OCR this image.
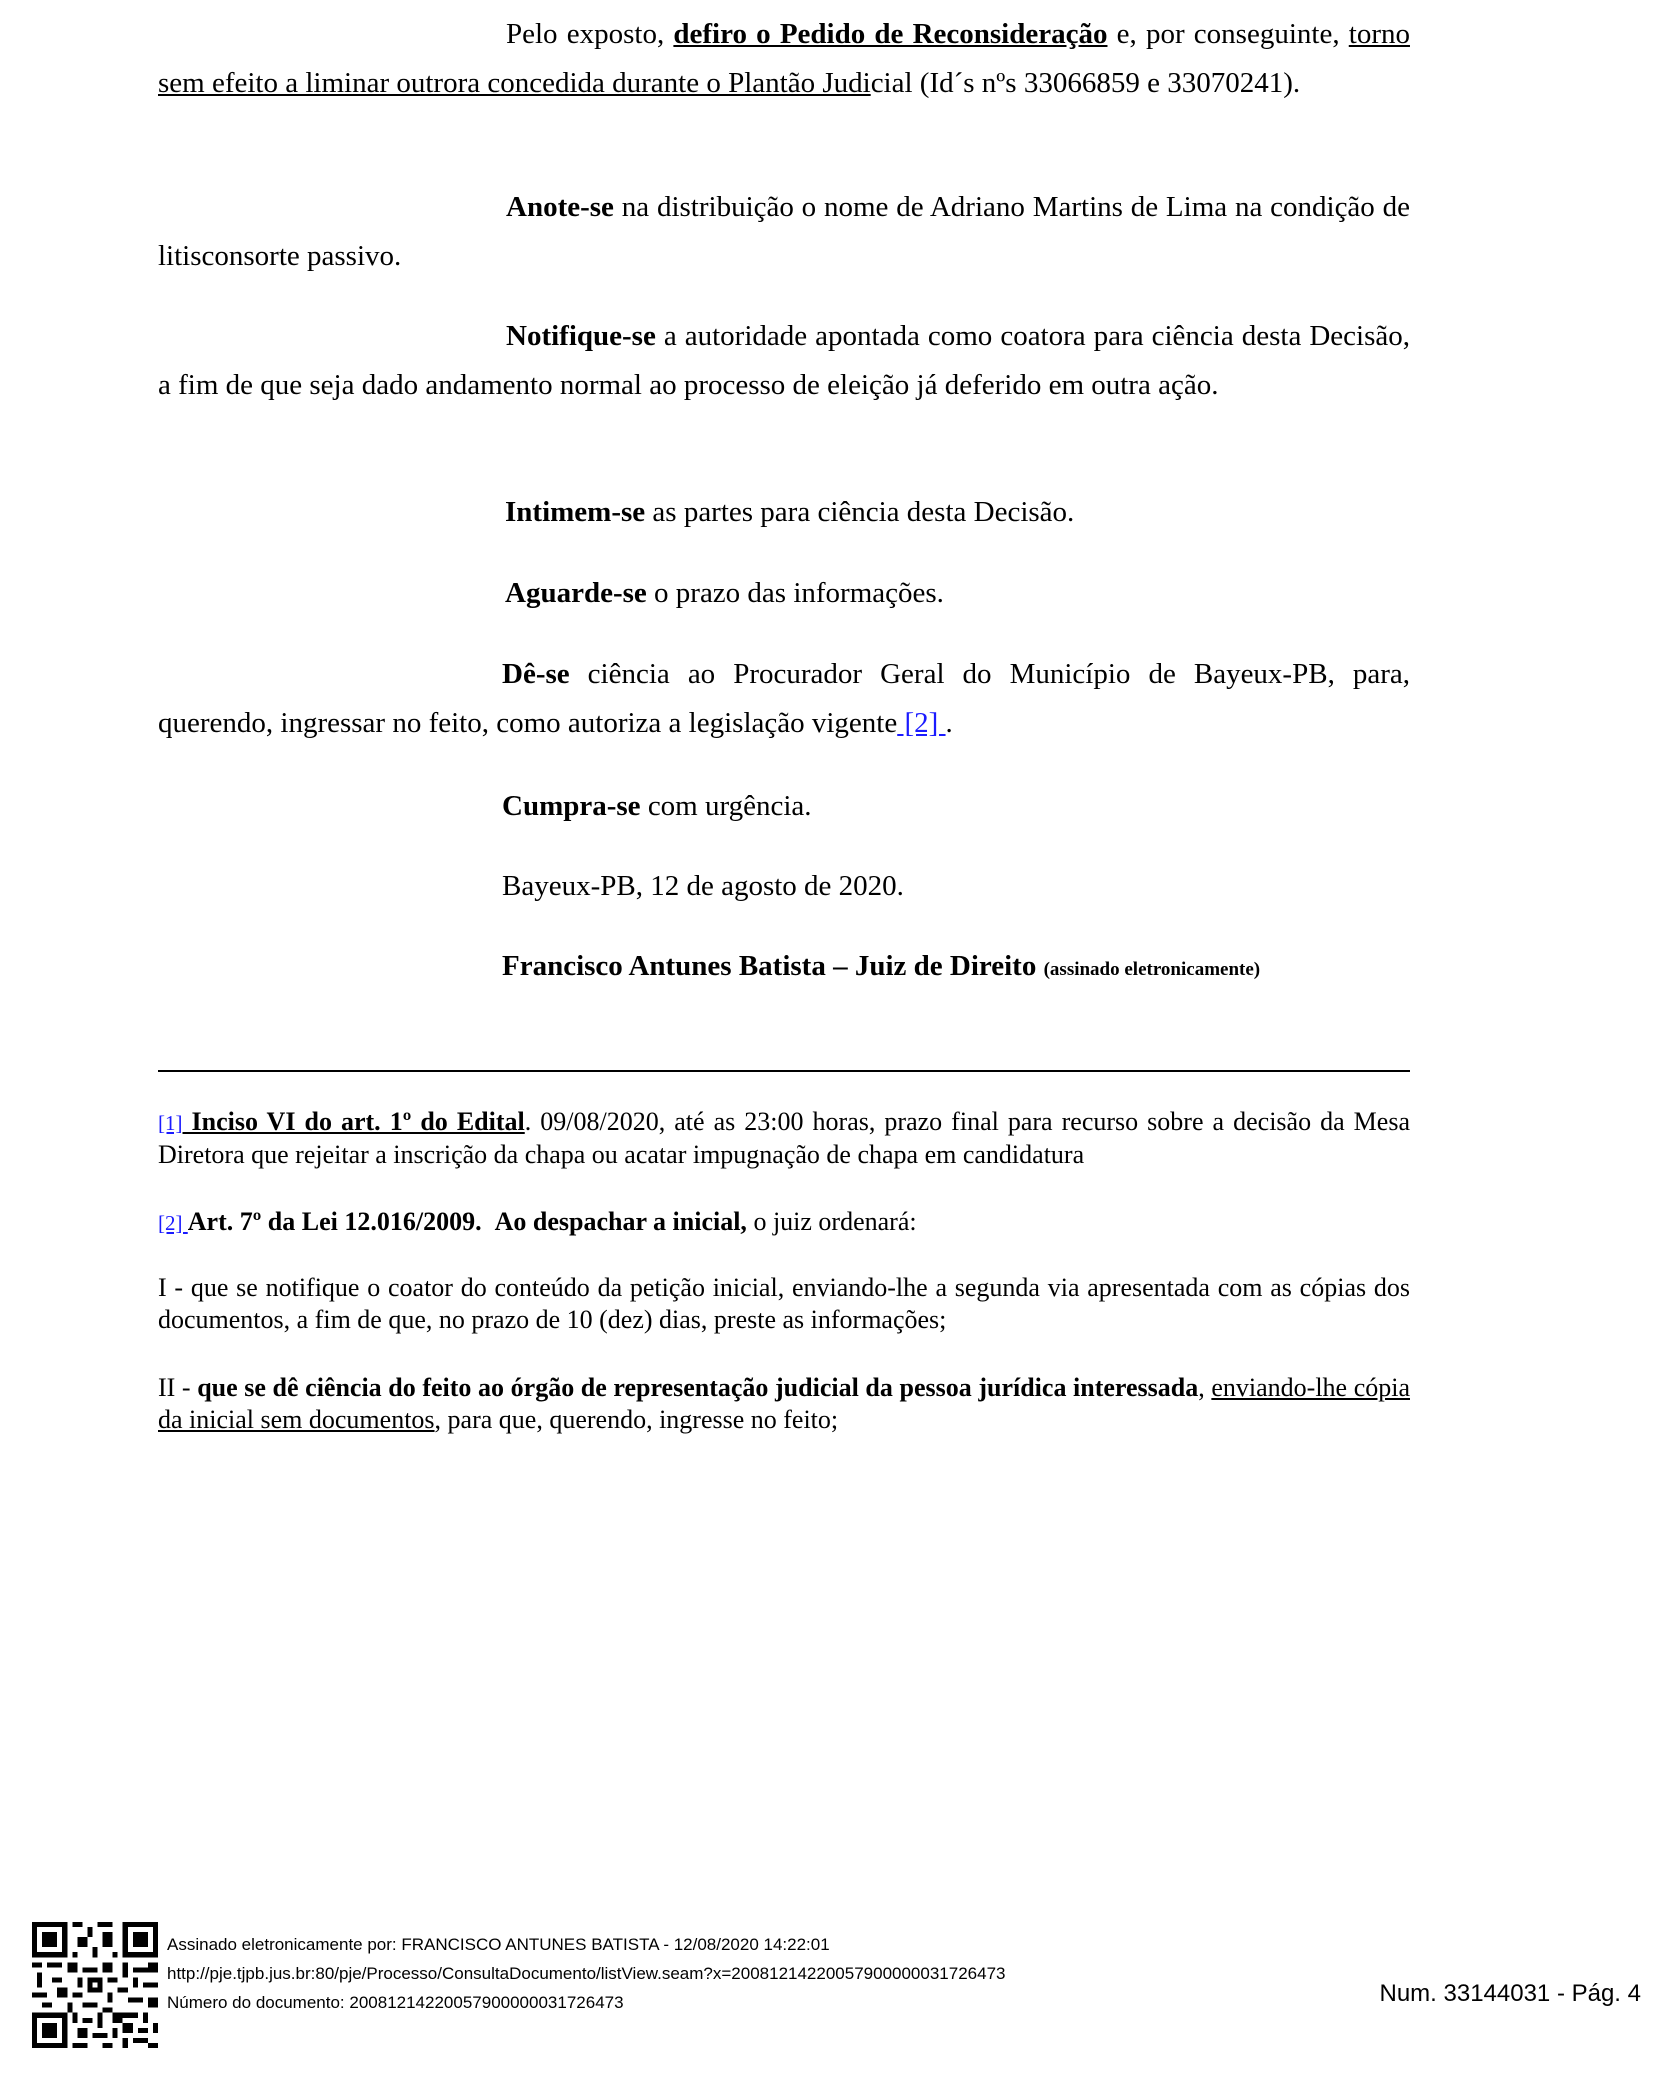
Pelo exposto, defiro o Pedido de Reconsideração e, por conseguinte, torno sem efeito a liminar outrora concedida durante o Plantão Judicial (Id´s nºs 33066859 e 33070241).
Anote-se na distribuição o nome de Adriano Martins de Lima na condição de litisconsorte passivo.
Notifique-se a autoridade apontada como coatora para ciência desta Decisão, a fim de que seja dado andamento normal ao processo de eleição já deferido em outra ação.
Intimem-se as partes para ciência desta Decisão.
Aguarde-se o prazo das informações.
Dê-se ciência ao Procurador Geral do Município de Bayeux-PB, para, querendo, ingressar no feito, como autoriza a legislação vigente [2] .
Cumpra-se com urgência.
Bayeux-PB, 12 de agosto de 2020.
Francisco Antunes Batista – Juiz de Direito (assinado eletronicamente)
[1] Inciso VI do art. 1º do Edital. 09/08/2020, até as 23:00 horas, prazo final para recurso sobre a decisão da Mesa Diretora que rejeitar a inscrição da chapa ou acatar impugnação de chapa em candidatura
[2] Art. 7º da Lei 12.016/2009. Ao despachar a inicial, o juiz ordenará:
I - que se notifique o coator do conteúdo da petição inicial, enviando-lhe a segunda via apresentada com as cópias dos documentos, a fim de que, no prazo de 10 (dez) dias, preste as informações;
II - que se dê ciência do feito ao órgão de representação judicial da pessoa jurídica interessada, enviando-lhe cópia da inicial sem documentos, para que, querendo, ingresse no feito;
Assinado eletronicamente por: FRANCISCO ANTUNES BATISTA - 12/08/2020 14:22:01
http://pje.tjpb.jus.br:80/pje/Processo/ConsultaDocumento/listView.seam?x=20081214220057900000031726473
Número do documento: 20081214220057900000031726473	Num. 33144031 - Pág. 4
